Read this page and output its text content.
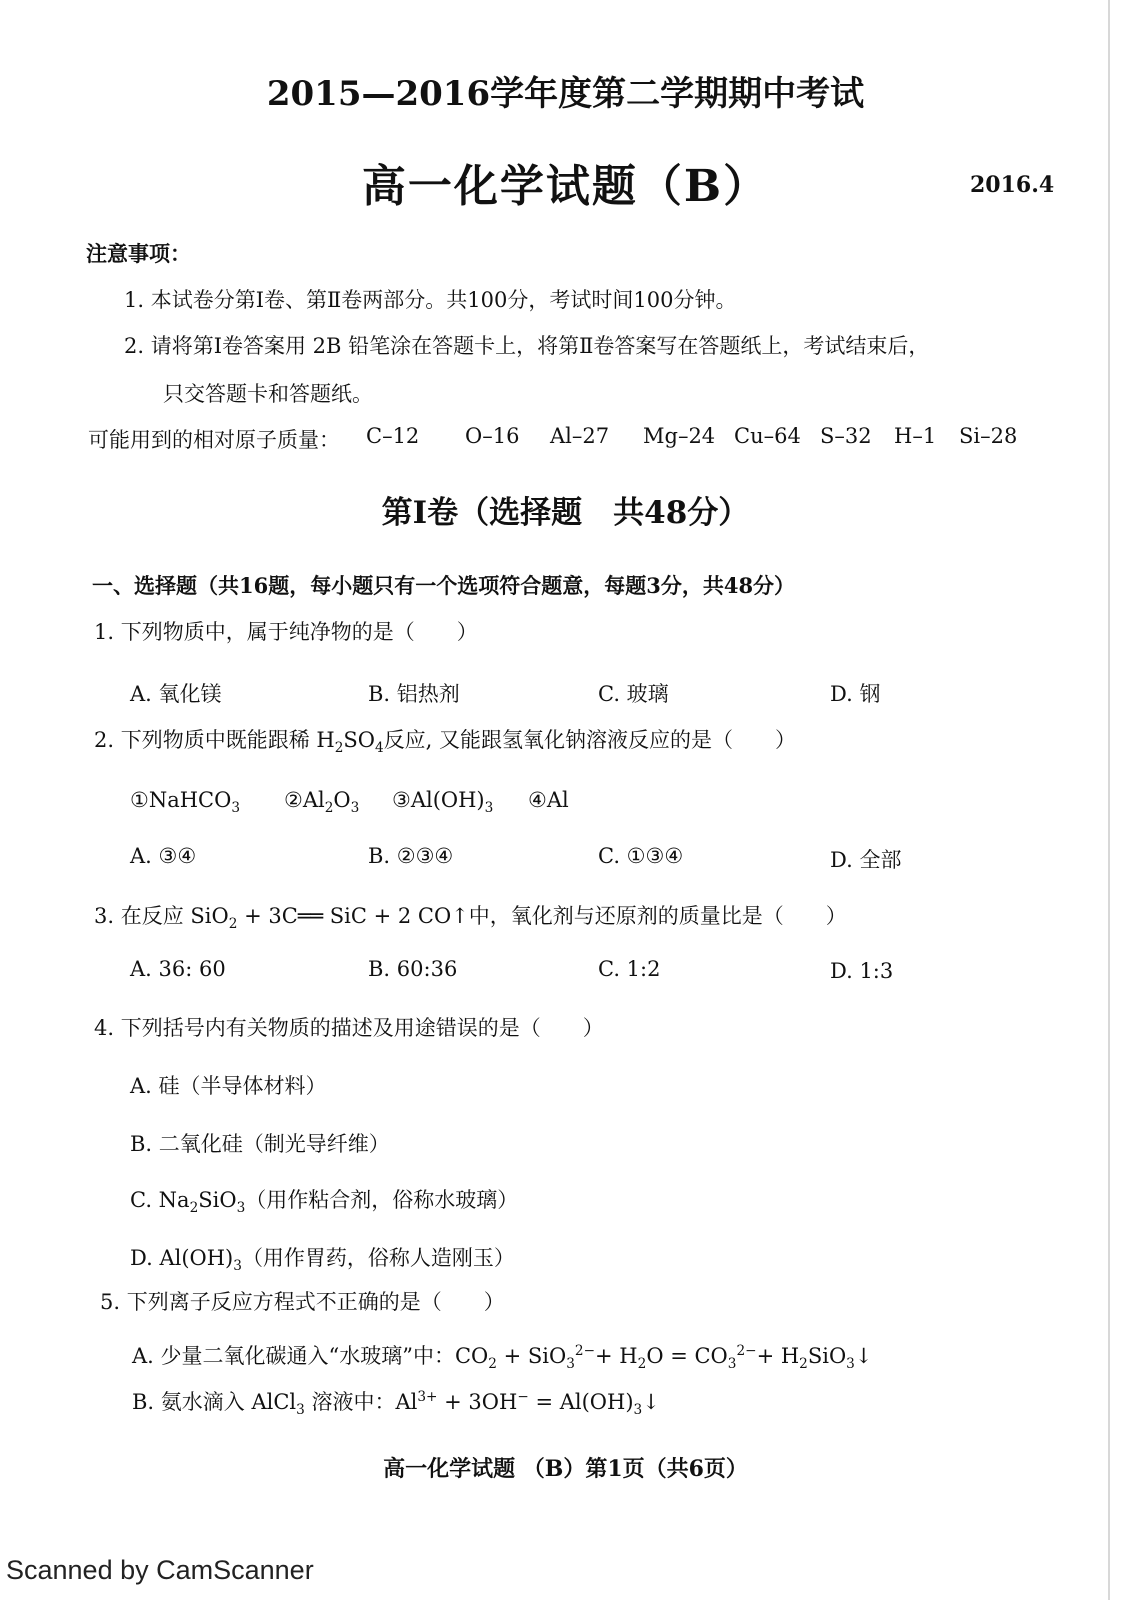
2015—2016学年度第二学期期中考试
高一化学试题（B）	2016.4
注意事项：
1. 本试卷分第Ⅰ卷、第Ⅱ卷两部分。共100分，考试时间100分钟。
2. 请将第Ⅰ卷答案用 2B 铅笔涂在答题卡上，将第Ⅱ卷答案写在答题纸上，考试结束后，
只交答题卡和答题纸。
可能用到的相对原子质量： C–12 O–16 Al–27 Mg–24 Cu–64 S–32 H–1 Si–28
第Ⅰ卷（选择题　共48分）
一、选择题（共16题，每小题只有一个选项符合题意，每题3分，共48分）
1. 下列物质中，属于纯净物的是（　　）
A. 氧化镁	B. 铝热剂	C. 玻璃	D. 钢
2. 下列物质中既能跟稀 $H_2SO_4$反应, 又能跟氢氧化钠溶液反应的是（　　）
①NaHCO$_3$ $②Al_2O_3$ $③Al(OH)_3$ ④Al
A. ③④	B. ②③④	C. ①③④	D. 全部
3. 在反应 SiO$_2$ + 3C══ SiC + 2 CO↑中，氧化剂与还原剂的质量比是（　　）
A. 36: 60	B. 60:36	C. 1:2	D. 1:3
4. 下列括号内有关物质的描述及用途错误的是（　　）
A. 硅（半导体材料）
B. 二氧化硅（制光导纤维）
C. $Na_2SiO_3$（用作粘合剂，俗称水玻璃）
D. $Al(OH)_3$（用作胃药，俗称人造刚玉）
5. 下列离子反应方程式不正确的是（　　）
A. 少量二氧化碳通入“水玻璃”中：$CO_2 + SiO_3^{2-}+ H_2O = CO_3^{2-}+$ $H_2SiO_3↓$
B. 氨水滴入 AlCl$_3$ 溶液中：$Al^{3+} + 3OH^-$ = $Al(OH)_3↓$
高一化学试题 （B）第1页（共6页）
Scanned by CamScanner
